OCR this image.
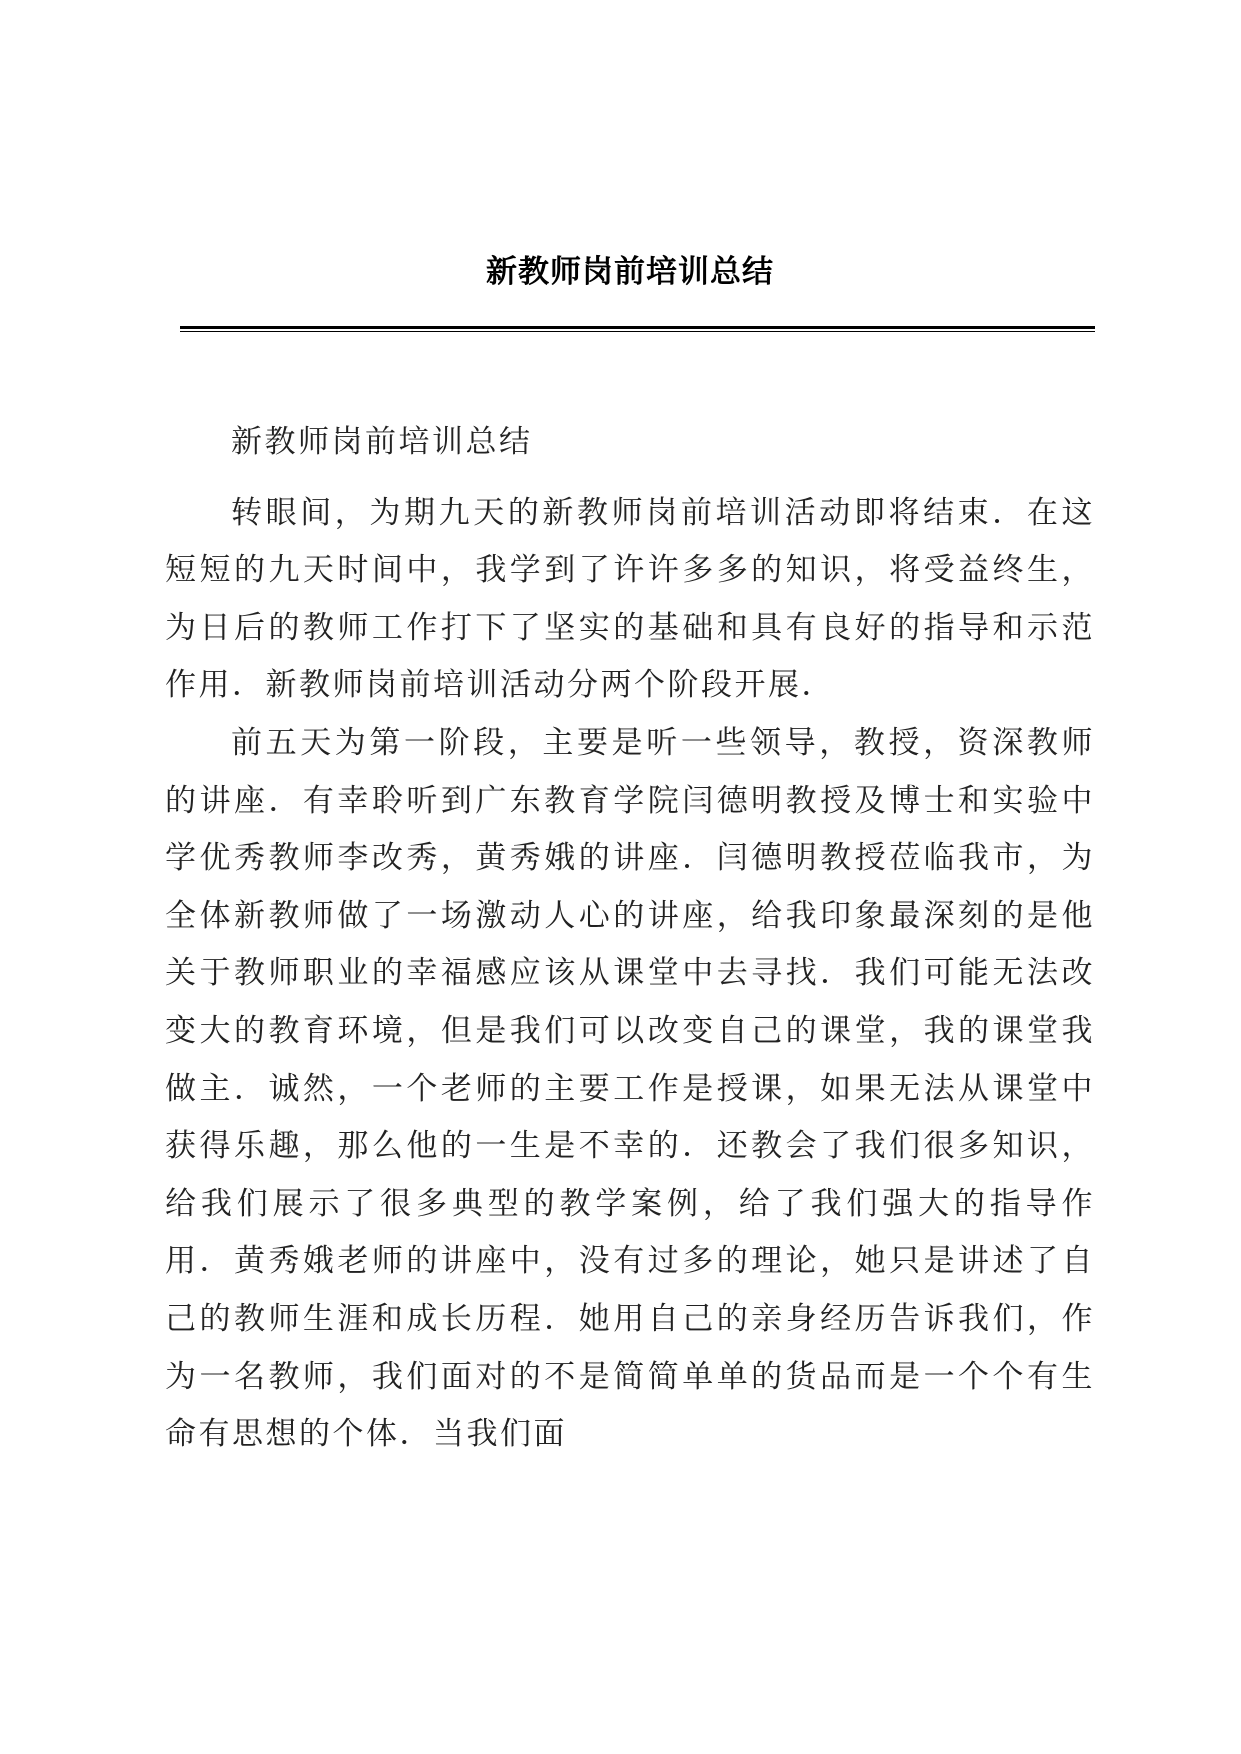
新教师岗前培训总结

新教师岗前培训总结

转眼间，为期九天的新教师岗前培训活动即将结束．在这短短的九天时间中，我学到了许许多多的知识，将受益终生，为日后的教师工作打下了坚实的基础和具有良好的指导和示范作用．新教师岗前培训活动分两个阶段开展．

前五天为第一阶段，主要是听一些领导，教授，资深教师的讲座．有幸聆听到广东教育学院闫德明教授及博士和实验中学优秀教师李改秀，黄秀娥的讲座．闫德明教授莅临我市，为全体新教师做了一场激动人心的讲座，给我印象最深刻的是他关于教师职业的幸福感应该从课堂中去寻找．我们可能无法改变大的教育环境，但是我们可以改变自己的课堂，我的课堂我做主．诚然，一个老师的主要工作是授课，如果无法从课堂中获得乐趣，那么他的一生是不幸的．还教会了我们很多知识，给我们展示了很多典型的教学案例，给了我们强大的指导作用．黄秀娥老师的讲座中，没有过多的理论，她只是讲述了自己的教师生涯和成长历程．她用自己的亲身经历告诉我们，作为一名教师，我们面对的不是简简单单的货品而是一个个有生命有思想的个体．当我们面
